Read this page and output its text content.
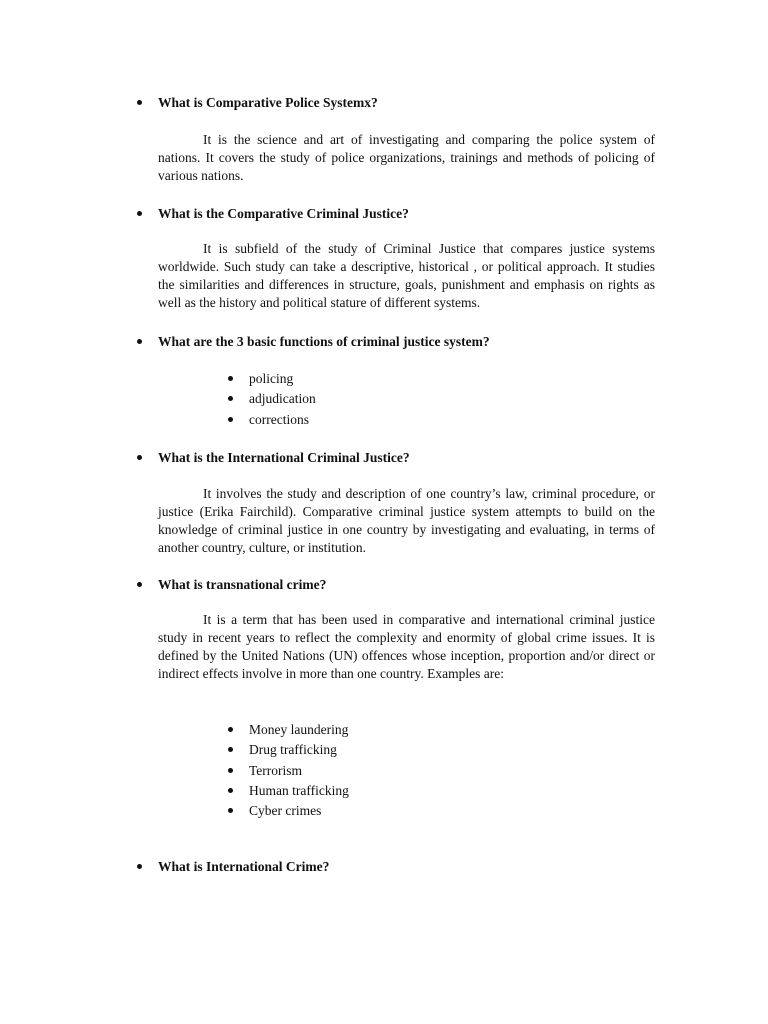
What is Comparative Police Systemx?

It is the science and art of investigating and comparing the police system of nations. It covers the study of police organizations, trainings and methods of policing of various nations.

What is the Comparative Criminal Justice?

It is subfield of the study of Criminal Justice that compares justice systems worldwide. Such study can take a descriptive, historical , or political approach. It studies the similarities and differences in structure, goals, punishment and emphasis on rights as well as the history and political stature of different systems.

What are the 3 basic functions of criminal justice system?
policing
adjudication
corrections
What is the International Criminal Justice?

It involves the study and description of one country’s law, criminal procedure, or justice (Erika Fairchild). Comparative criminal justice system attempts to build on the knowledge of criminal justice in one country by investigating and evaluating, in terms of another country, culture, or institution.

What is transnational crime?

It is a term that has been used in comparative and international criminal justice study in recent years to reflect the complexity and enormity of global crime issues. It is defined by the United Nations (UN) offences whose inception, proportion and/or direct or indirect effects involve in more than one country. Examples are:

Money laundering
Drug trafficking
Terrorism
Human trafficking
Cyber crimes
What is International Crime?
